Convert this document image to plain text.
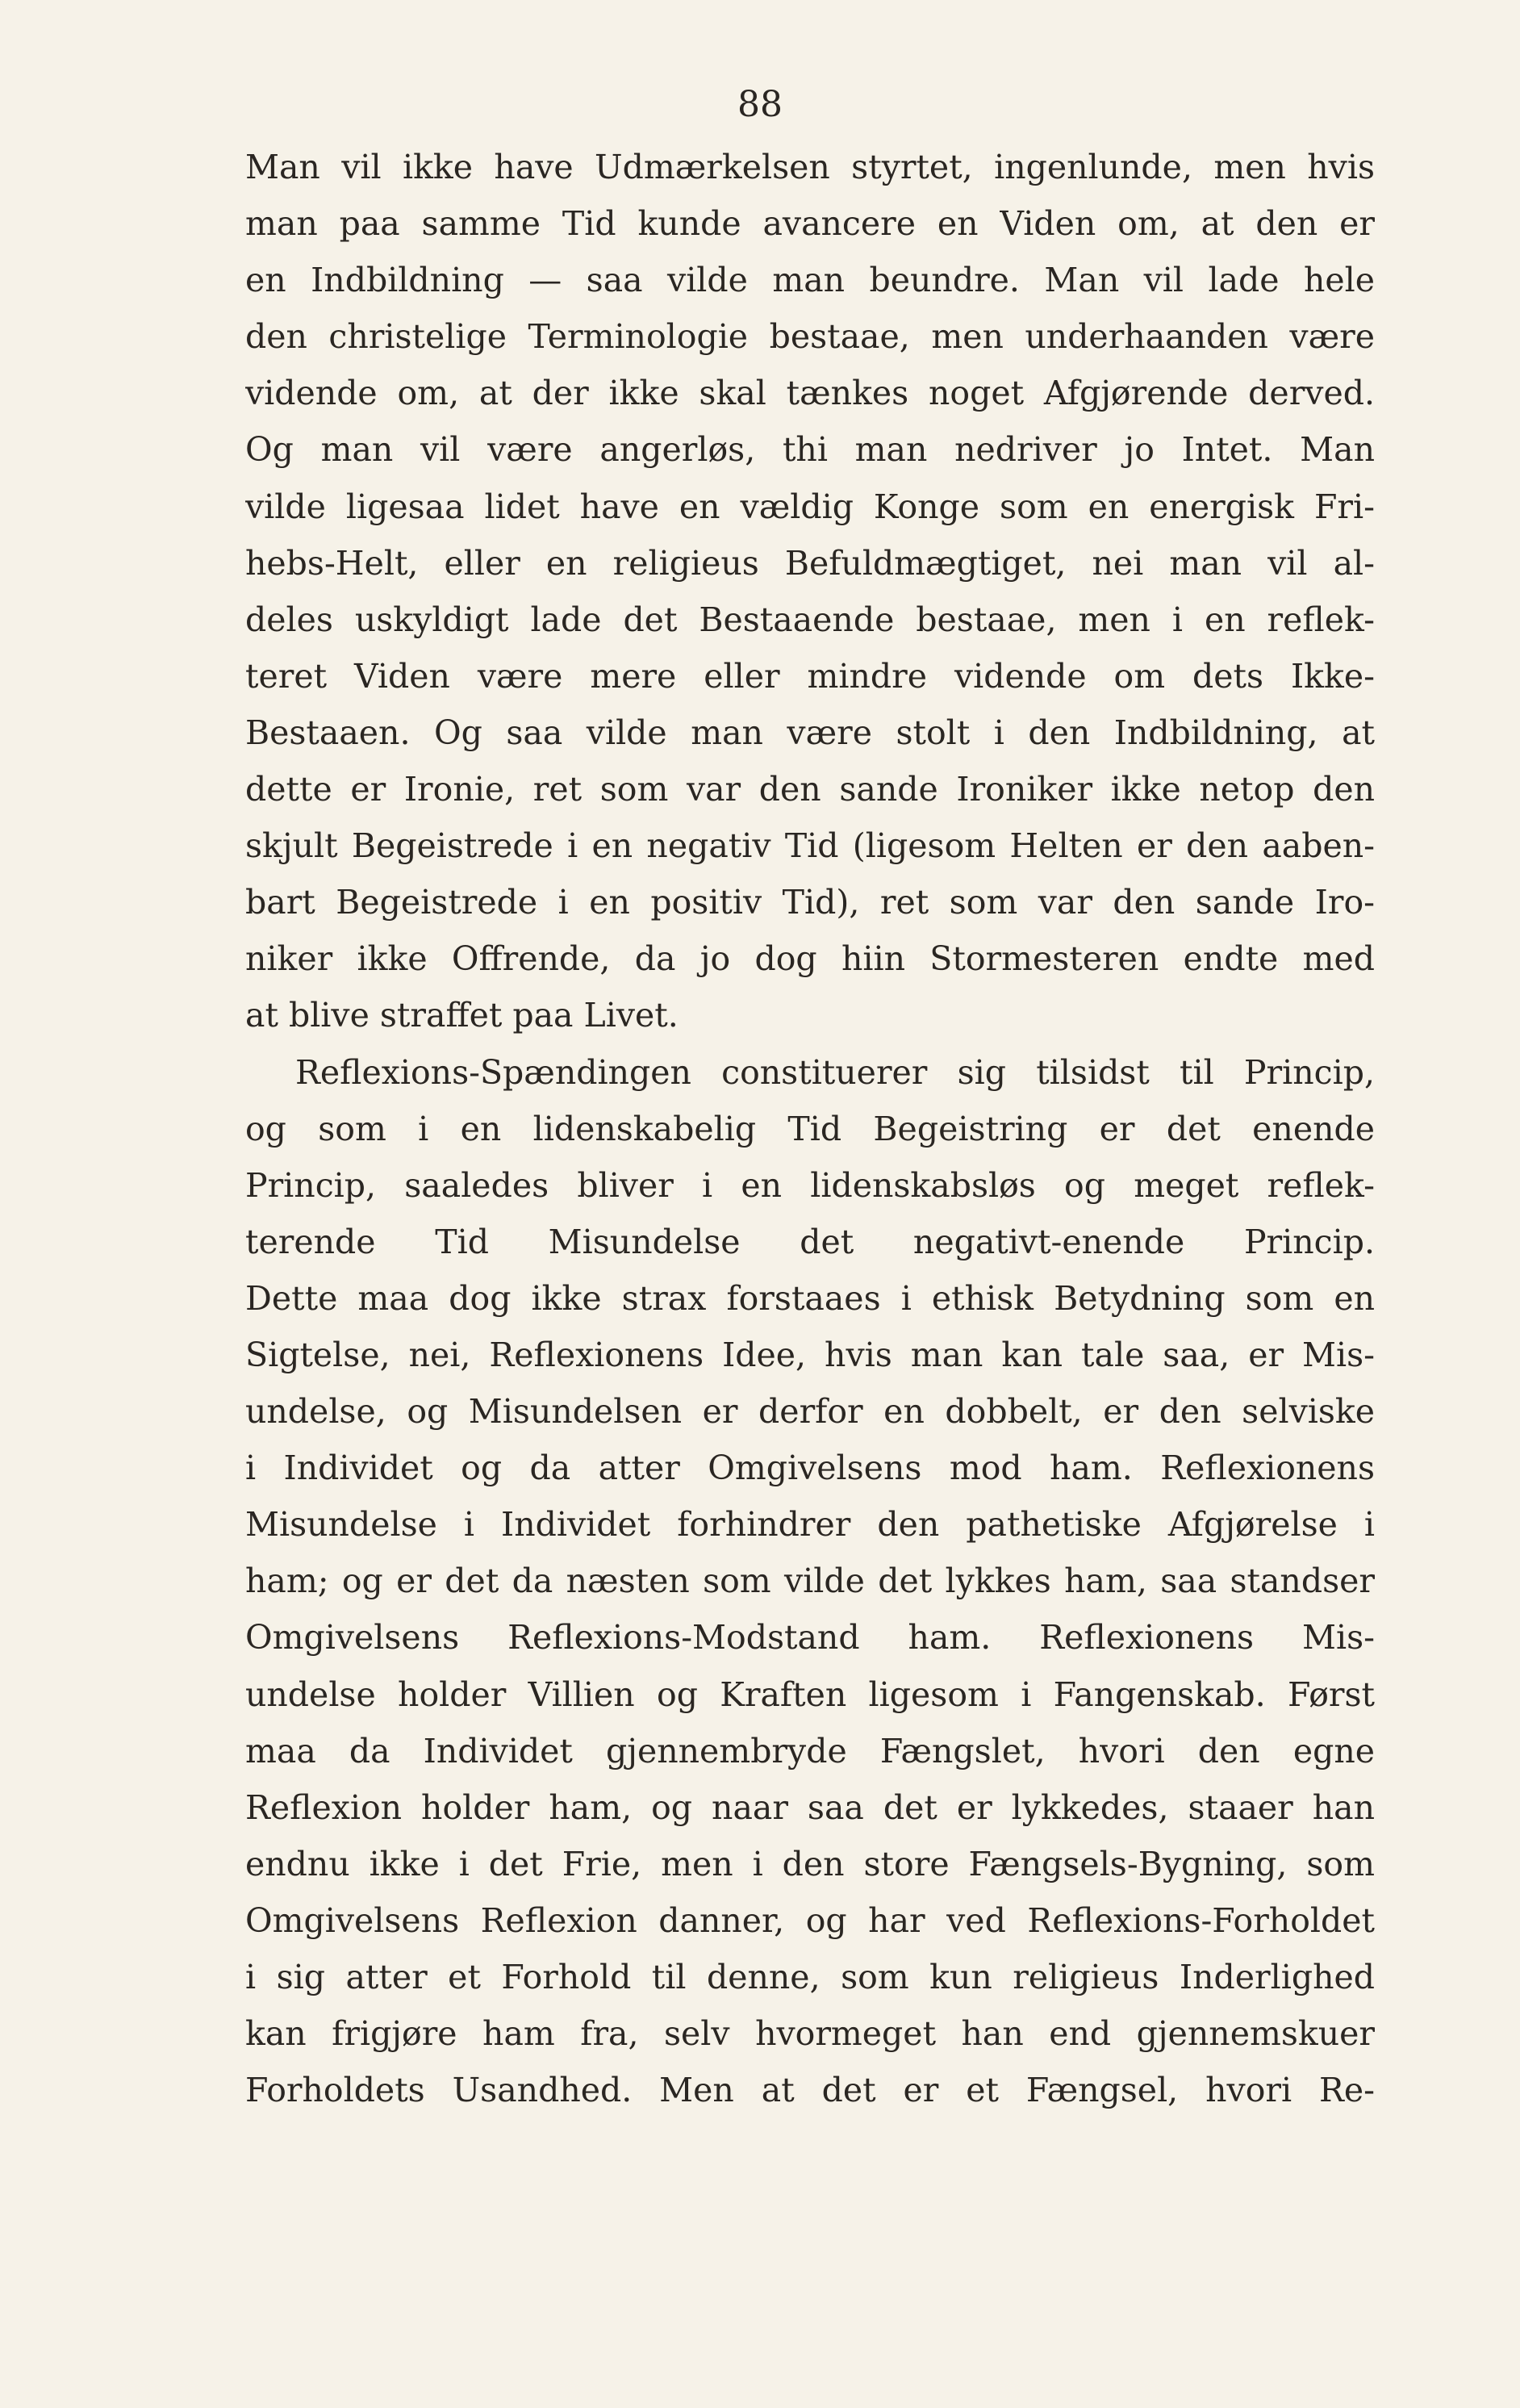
88
Man vil ikke have Udmærkelsen styrtet, ingenlunde, men hvis
man paa samme Tid kunde avancere en Viden om, at den er
en Indbildning — saa vilde man beundre. Man vil lade hele
den christelige Terminologie bestaae, men underhaanden være
vidende om, at der ikke skal tænkes noget Afgjørende derved.
Og man vil være angerløs, thi man nedriver jo Intet. Man
vilde ligesaa lidet have en vældig Konge som en energisk Fri-
hebs-Helt, eller en religieus Befuldmægtiget, nei man vil al-
deles uskyldigt lade det Bestaaende bestaae, men i en reflek-
teret Viden være mere eller mindre vidende om dets Ikke-
Bestaaen. Og saa vilde man være stolt i den Indbildning, at
dette er Ironie, ret som var den sande Ironiker ikke netop den
skjult Begeistrede i en negativ Tid (ligesom Helten er den aaben-
bart Begeistrede i en positiv Tid), ret som var den sande Iro-
niker ikke Offrende, da jo dog hiin Stormesteren endte med
at blive straffet paa Livet.
Reflexions-Spændingen constituerer sig tilsidst til Princip,
og som i en lidenskabelig Tid Begeistring er det enende
Princip, saaledes bliver i en lidenskabsløs og meget reflek-
terende Tid Misundelse det negativt-enende Princip.
Dette maa dog ikke strax forstaaes i ethisk Betydning som en
Sigtelse, nei, Reflexionens Idee, hvis man kan tale saa, er Mis-
undelse, og Misundelsen er derfor en dobbelt, er den selviske
i Individet og da atter Omgivelsens mod ham. Reflexionens
Misundelse i Individet forhindrer den pathetiske Afgjørelse i
ham; og er det da næsten som vilde det lykkes ham, saa standser
Omgivelsens Reflexions-Modstand ham. Reflexionens Mis-
undelse holder Villien og Kraften ligesom i Fangenskab. Først
maa da Individet gjennembryde Fængslet, hvori den egne
Reflexion holder ham, og naar saa det er lykkedes, staaer han
endnu ikke i det Frie, men i den store Fængsels-Bygning, som
Omgivelsens Reflexion danner, og har ved Reflexions-Forholdet
i sig atter et Forhold til denne, som kun religieus Inderlighed
kan frigjøre ham fra, selv hvormeget han end gjennemskuer
Forholdets Usandhed. Men at det er et Fængsel, hvori Re-
